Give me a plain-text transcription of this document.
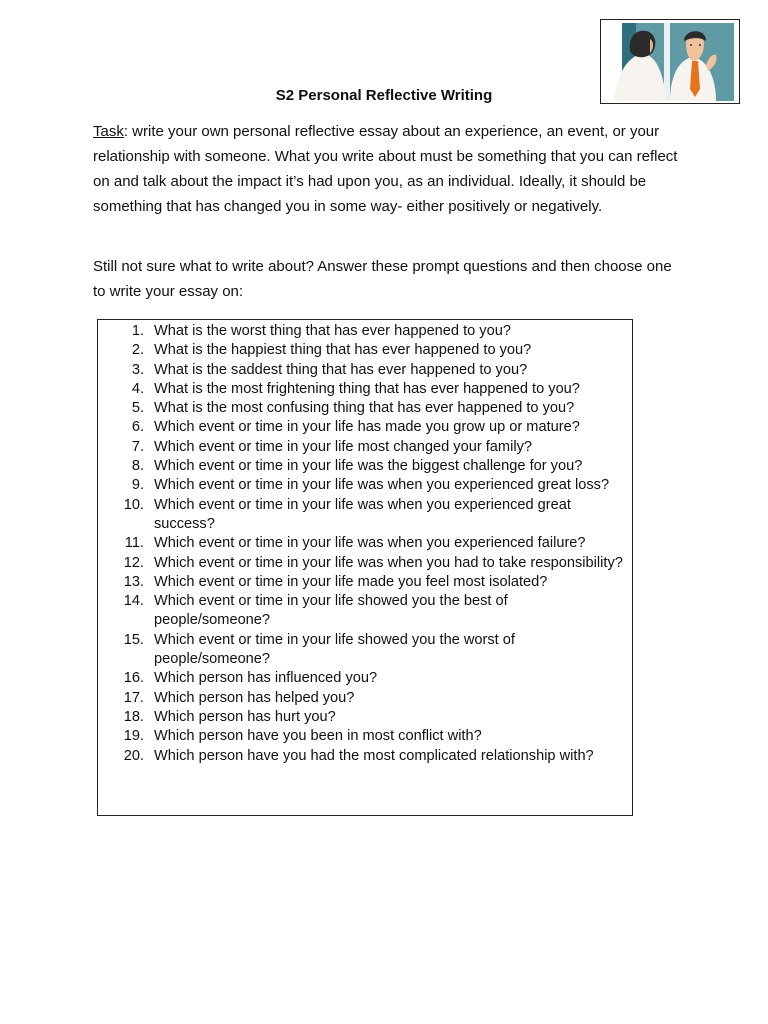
S2 Personal Reflective Writing
Task: write your own personal reflective essay about an experience, an event, or your relationship with someone. What you write about must be something that you can reflect on and talk about the impact it’s had upon you, as an individual. Ideally, it should be something that has changed you in some way- either positively or negatively.
Still not sure what to write about? Answer these prompt questions and then choose one to write your essay on:
1. What is the worst thing that has ever happened to you?
2. What is the happiest thing that has ever happened to you?
3. What is the saddest thing that has ever happened to you?
4. What is the most frightening thing that has ever happened to you?
5. What is the most confusing thing that has ever happened to you?
6. Which event or time in your life has made you grow up or mature?
7. Which event or time in your life most changed your family?
8. Which event or time in your life was the biggest challenge for you?
9. Which event or time in your life was when you experienced great loss?
10. Which event or time in your life was when you experienced great success?
11. Which event or time in your life was when you experienced failure?
12. Which event or time in your life was when you had to take responsibility?
13. Which event or time in your life made you feel most isolated?
14. Which event or time in your life showed you the best of people/someone?
15. Which event or time in your life showed you the worst of people/someone?
16. Which person has influenced you?
17. Which person has helped you?
18. Which person has hurt you?
19. Which person have you been in most conflict with?
20. Which person have you had the most complicated relationship with?
